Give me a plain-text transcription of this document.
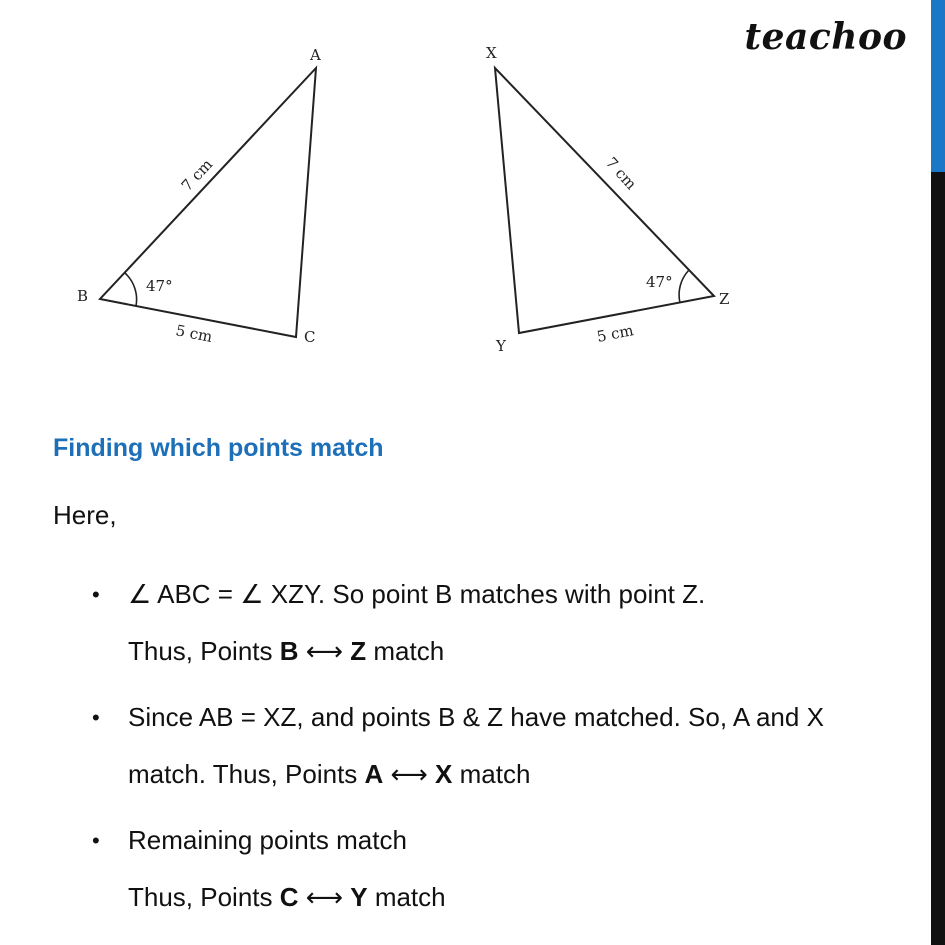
teachoo
A
B
C
7 cm
5 cm
47°
X
Y
Z
7 cm
5 cm
47°
Finding which points match
Here,
• ∠ ABC = ∠ XZY. So point B matches with point Z.
Thus, Points B ⟷ Z match
• Since AB = XZ, and points B & Z have matched. So, A and X
match. Thus, Points A ⟷ X match
• Remaining points match
Thus, Points C ⟷ Y match
